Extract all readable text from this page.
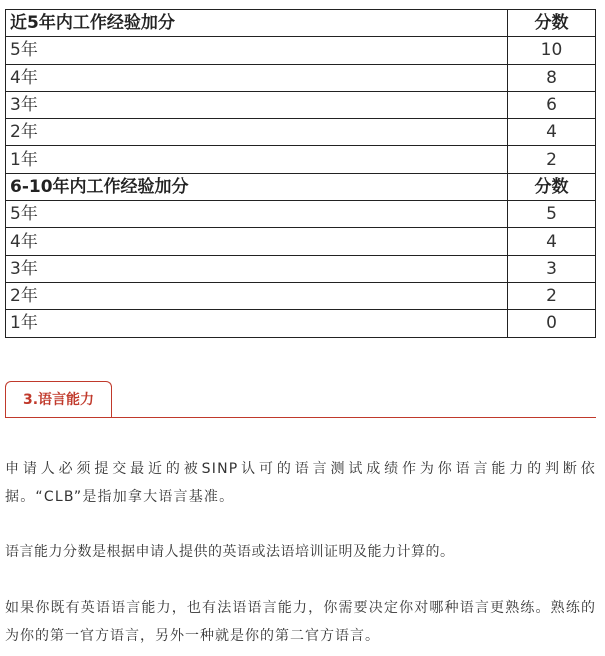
近5年内工作经验加分	分数
5年	10
4年	8
3年	6
2年	4
1年	2
6-10年内工作经验加分	分数
5年	5
4年	4
3年	3
2年	2
1年	0
3.语言能力

申请人必须提交最近的被SINP认可的语言测试成绩作为你语言能力的判断依据。“CLB”是指加拿大语言基准。

语言能力分数是根据申请人提供的英语或法语培训证明及能力计算的。

如果你既有英语语言能力，也有法语语言能力，你需要决定你对哪种语言更熟练。熟练的为你的第一官方语言，另外一种就是你的第二官方语言。
